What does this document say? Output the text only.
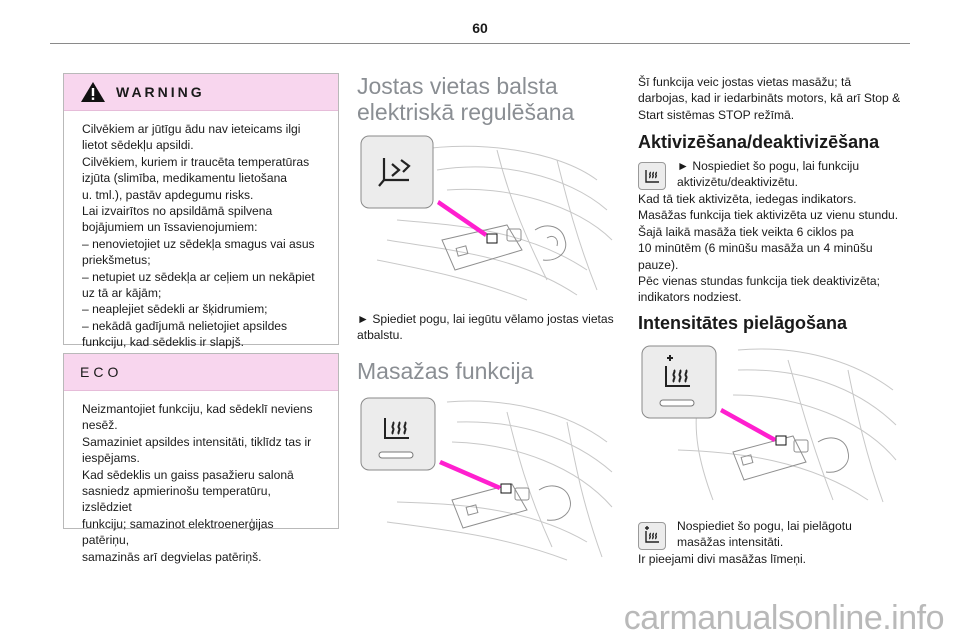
60
WARNING
Cilvēkiem ar jūtīgu ādu nav ieteicams ilgi
lietot sēdekļu apsildi.
Cilvēkiem, kuriem ir traucēta temperatūras
izjūta (slimība, medikamentu lietošana
u. tml.), pastāv apdegumu risks.
Lai izvairītos no apsildāmā spilvena
bojājumiem un īssavienojumiem:
– nenovietojiet uz sēdekļa smagus vai asus
priekšmetus;
– netupiet uz sēdekļa ar ceļiem un nekāpiet
uz tā ar kājām;
– neaplejiet sēdekli ar šķidrumiem;
– nekādā gadījumā nelietojiet apsildes
funkciju, kad sēdeklis ir slapjš.
ECO
Neizmantojiet funkciju, kad sēdeklī neviens
nesēž.
Samaziniet apsildes intensitāti, tiklīdz tas ir
iespējams.
Kad sēdeklis un gaiss pasažieru salonā
sasniedz apmierinošu temperatūru, izslēdziet
funkciju; samazinot elektroenerģijas patēriņu,
samazinās arī degvielas patēriņš.
Jostas vietas balsta
elektriskā regulēšana
► Spiediet pogu, lai iegūtu vēlamo jostas vietas
atbalstu.
Masažas funkcija
Šī funkcija veic jostas vietas masāžu; tā
darbojas, kad ir iedarbināts motors, kā arī Stop &
Start sistēmas STOP režīmā.
Aktivizēšana/deaktivizēšana
► Nospiediet šo pogu, lai funkciju
aktivizētu/deaktivizētu.
Kad tā tiek aktivizēta, iedegas indikators.
Masāžas funkcija tiek aktivizēta uz vienu stundu.
Šajā laikā masāža tiek veikta 6 ciklos pa
10 minūtēm (6 minūšu masāža un 4 minūšu
pauze).
Pēc vienas stundas funkcija tiek deaktivizēta;
indikators nodziest.
Intensitātes pielāgošana
Nospiediet šo pogu, lai pielāgotu
masāžas intensitāti.
Ir pieejami divi masāžas līmeņi.
carmanualsonline.info
